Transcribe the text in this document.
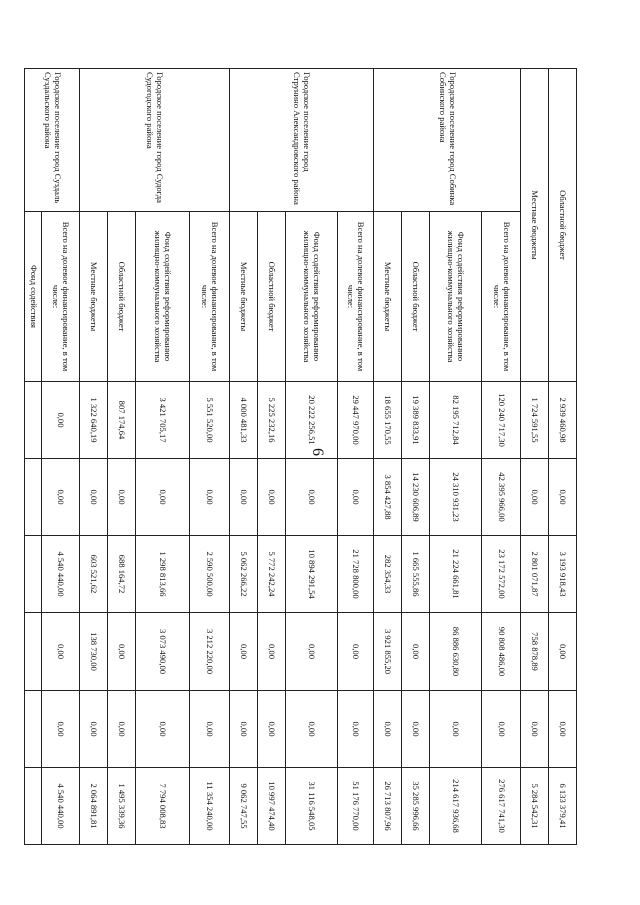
6
Областной бюджет		2 939 460,98	0,00	3 193 918,43	0,00	0,00	6 133 379,41
Местные бюджеты		1 724 591,55	0,00	2 801 071,87	758 878,89	0,00	5 284 542,31
Городское поселение город Собинка Собинского района	Всего на долевое финансирование, в том числе:	120 240 717,30	42 395 966,00	23 172 572,00	90 808 486,00	0,00	276 617 741,30
	Фонд содействия реформированию жилищно-коммунального хозяйства	82 195 712,84	24 310 931,23	21 224 661,81	86 886 630,80	0,00	214 617 936,68
	Областной бюджет	19 389 833,91	14 230 606,89	1 665 555,86	0,00	0,00	35 285 996,66
	Местные бюджеты	18 655 170,55	3 854 427,88	282 354,33	3 921 855,20	0,00	26 713 807,96
Городское поселение город Струнино Александровского района	Всего на долевое финансирование, в том числе:	29 447 970,00	0,00	21 728 800,00	0,00	0,00	51 176 770,00
	Фонд содействия реформированию жилищно-коммунального хозяйства	20 222 256,51	0,00	10 894 291,54	0,00	0,00	31 116 548,05
	Областной бюджет	5 225 232,16	0,00	5 772 242,24	0,00	0,00	10 997 474,40
	Местные бюджеты	4 000 481,33	0,00	5 062 266,22	0,00	0,00	9 062 747,55
Городское поселение город Судогда Судогодского района	Всего на долевое финансирование, в том числе:	5 551 520,00	0,00	2 590 500,00	3 212 220,00	0,00	11 354 240,00
	Фонд содействия реформированию жилищно-коммунального хозяйства	3 421 705,17	0,00	1 298 813,66	3 073 490,00	0,00	7 794 008,83
	Областной бюджет	807 174,64	0,00	688 164,72	0,00	0,00	1 495 339,36
	Местные бюджеты	1 322 640,19	0,00	603 521,62	138 730,00	0,00	2 064 891,81
Городское поселение город Суздаль Суздальского района	Всего на долевое финансирование, в том числе:	0,00	0,00	4 540 440,00	0,00	0,00	4 540 440,00
	Фонд содействия						
